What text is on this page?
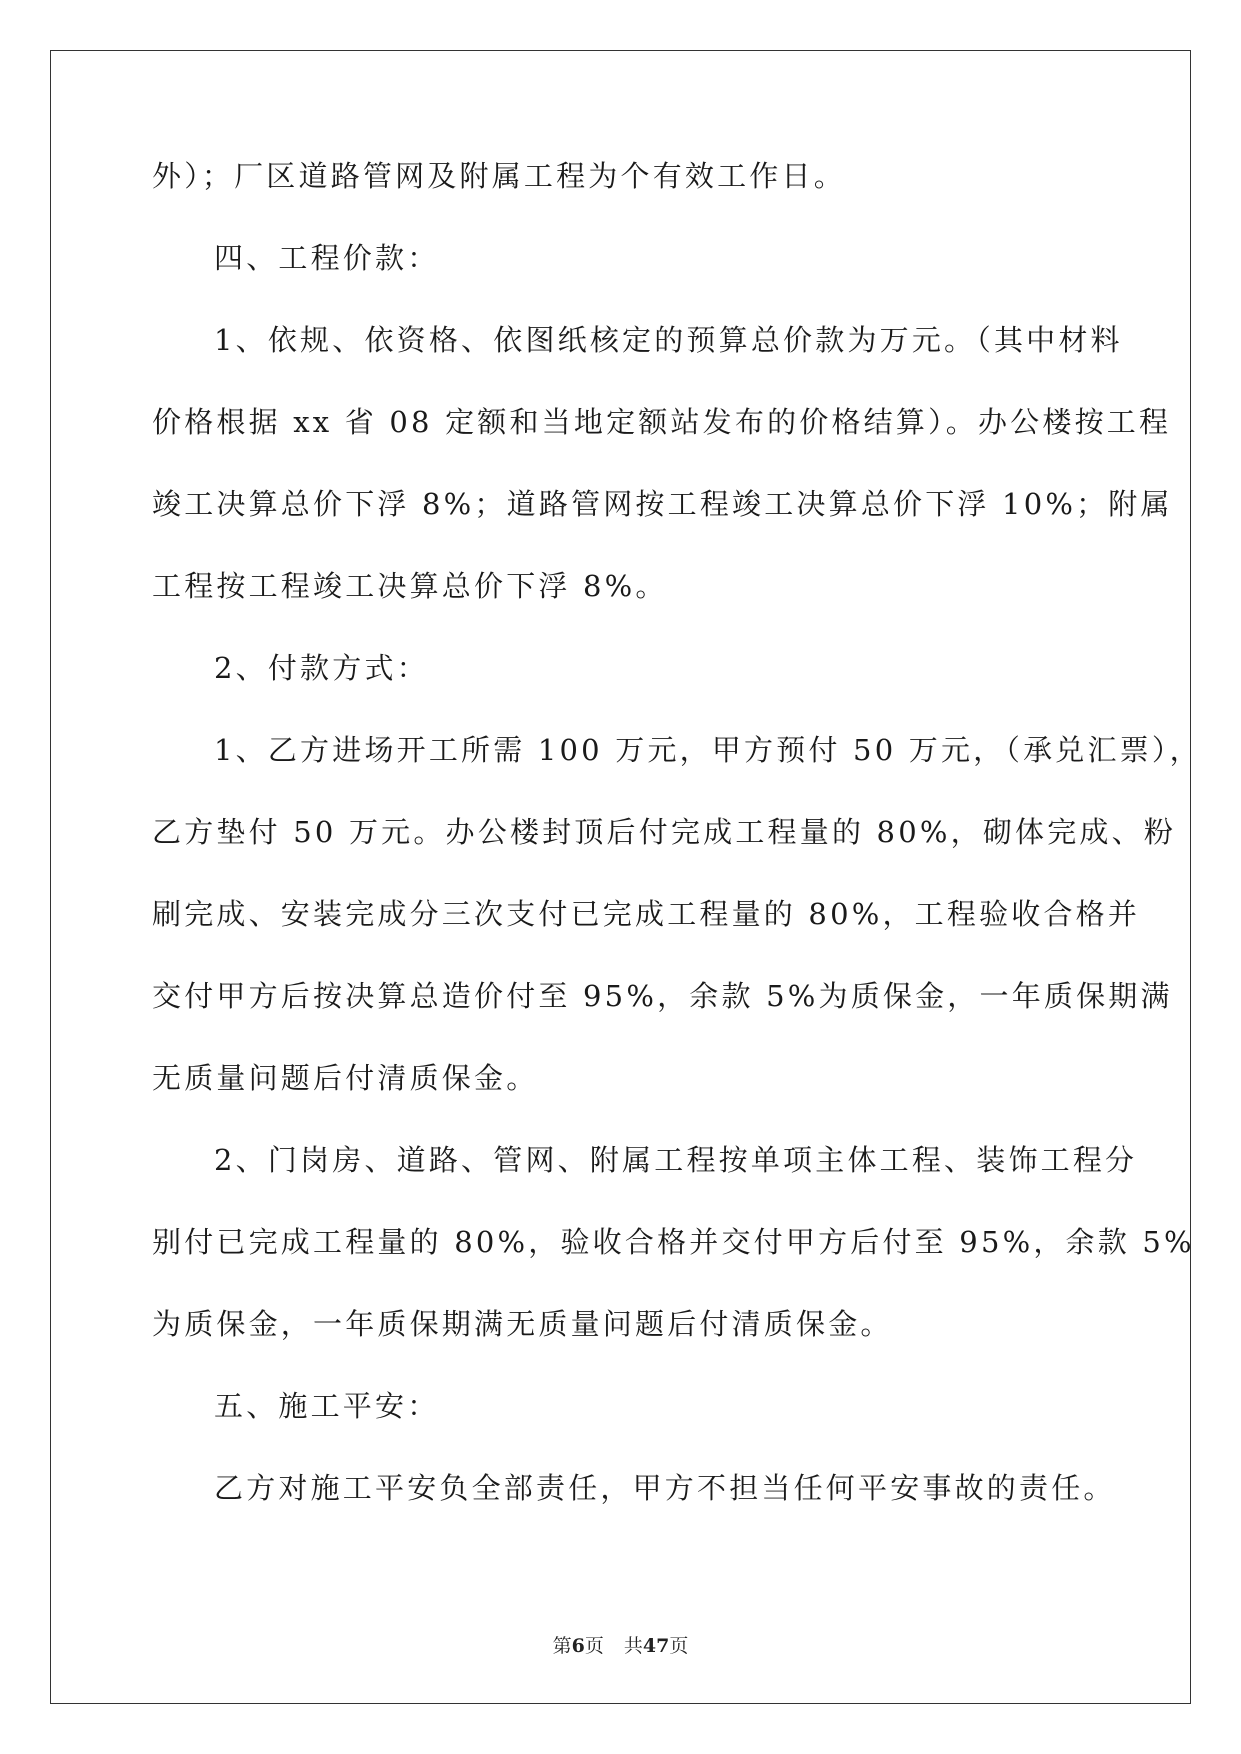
外）；厂区道路管网及附属工程为个有效工作日。
四、工程价款：
1、依规、依资格、依图纸核定的预算总价款为万元。（其中材料
价格根据 xx 省 08 定额和当地定额站发布的价格结算）。办公楼按工程
竣工决算总价下浮 8%；道路管网按工程竣工决算总价下浮 10%；附属
工程按工程竣工决算总价下浮 8%。
2、付款方式：
1、乙方进场开工所需 100 万元，甲方预付 50 万元，（承兑汇票），
乙方垫付 50 万元。办公楼封顶后付完成工程量的 80%，砌体完成、粉
刷完成、安装完成分三次支付已完成工程量的 80%，工程验收合格并
交付甲方后按决算总造价付至 95%，余款 5%为质保金，一年质保期满
无质量问题后付清质保金。
2、门岗房、道路、管网、附属工程按单项主体工程、装饰工程分
别付已完成工程量的 80%，验收合格并交付甲方后付至 95%，余款 5%
为质保金，一年质保期满无质量问题后付清质保金。
五、施工平安：
乙方对施工平安负全部责任，甲方不担当任何平安事故的责任。
第6页 共47页
